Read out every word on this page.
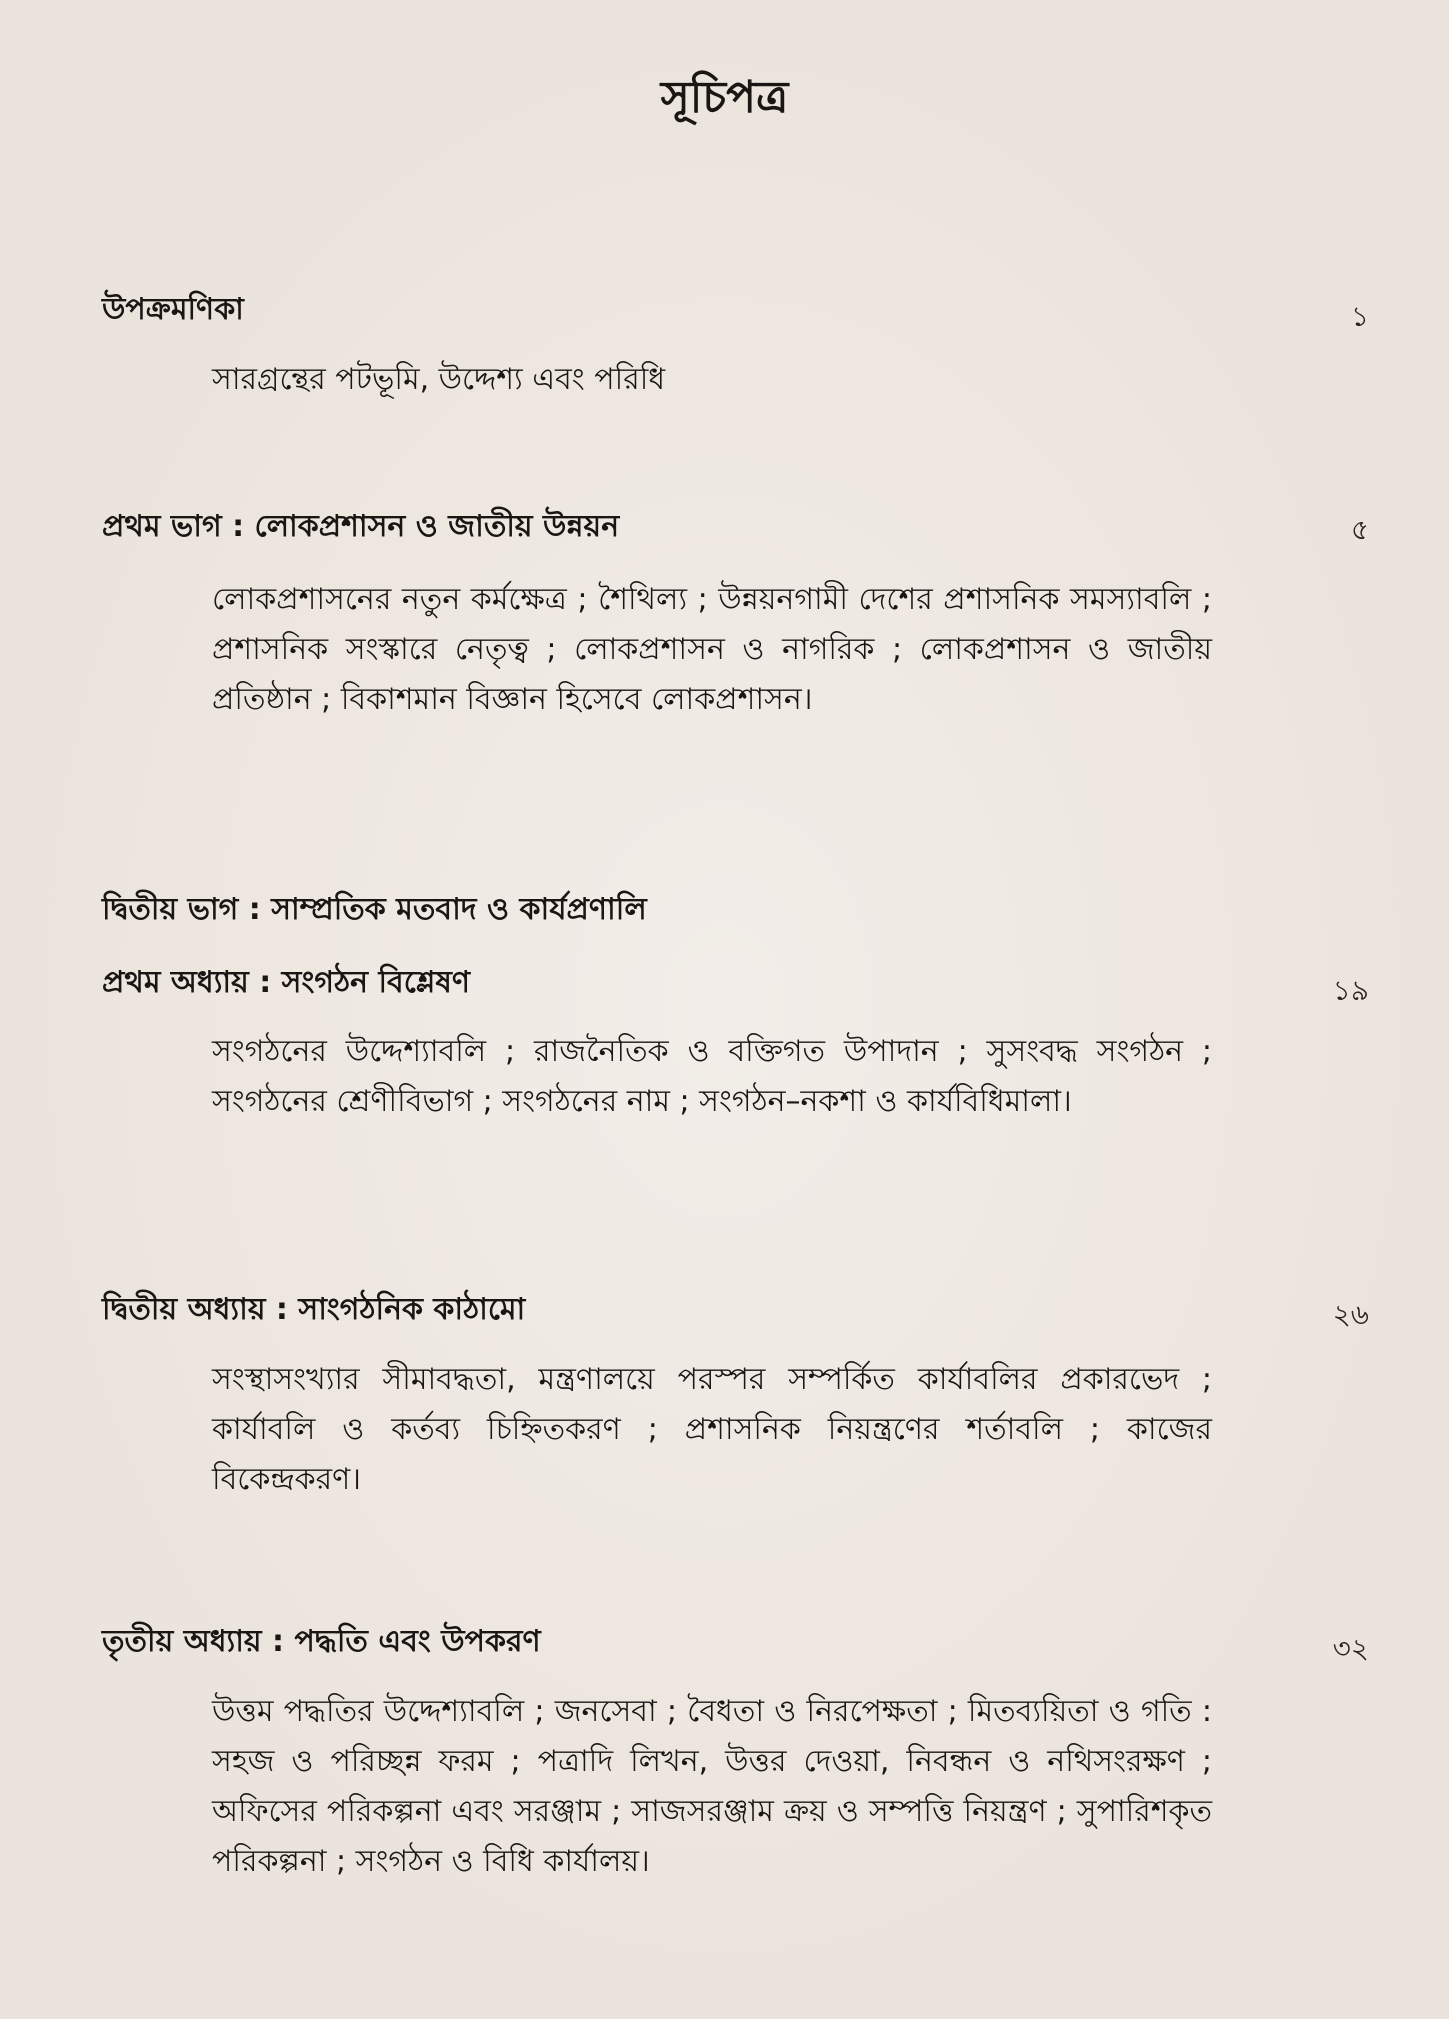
সূচিপত্র
উপক্রমণিকা	১

সারগ্রন্থের পটভূমি, উদ্দেশ্য এবং পরিধি

প্রথম ভাগ : লোকপ্রশাসন ও জাতীয় উন্নয়ন	৫

লোকপ্রশাসনের নতুন কর্মক্ষেত্র ; শৈথিল্য ; উন্নয়নগামী দেশের প্রশাসনিক সমস্যাবলি ; প্রশাসনিক সংস্কারে নেতৃত্ব ; লোকপ্রশাসন ও নাগরিক ; লোকপ্রশাসন ও জাতীয় প্রতিষ্ঠান ; বিকাশমান বিজ্ঞান হিসেবে লোকপ্রশাসন।

দ্বিতীয় ভাগ : সাম্প্রতিক মতবাদ ও কার্যপ্রণালি
প্রথম অধ্যায় : সংগঠন বিশ্লেষণ	১৯

সংগঠনের উদ্দেশ্যাবলি ; রাজনৈতিক ও বক্তিগত উপাদান ; সুসংবদ্ধ সংগঠন ; সংগঠনের শ্রেণীবিভাগ ; সংগঠনের নাম ; সংগঠন–নকশা ও কার্যবিধিমালা।

দ্বিতীয় অধ্যায় : সাংগঠনিক কাঠামো	২৬

সংস্থাসংখ্যার সীমাবদ্ধতা, মন্ত্রণালয়ে পরস্পর সম্পর্কিত কার্যাবলির প্রকারভেদ ; কার্যাবলি ও কর্তব্য চিহ্নিতকরণ ; প্রশাসনিক নিয়ন্ত্রণের শর্তাবলি ; কাজের বিকেন্দ্রকরণ।

তৃতীয় অধ্যায় : পদ্ধতি এবং উপকরণ	৩২

উত্তম পদ্ধতির উদ্দেশ্যাবলি ; জনসেবা ; বৈধতা ও নিরপেক্ষতা ; মিতব্যয়িতা ও গতি : সহজ ও পরিচ্ছন্ন ফরম ; পত্রাদি লিখন, উত্তর দেওয়া, নিবন্ধন ও নথিসংরক্ষণ ; অফিসের পরিকল্পনা এবং সরঞ্জাম ; সাজসরঞ্জাম ক্রয় ও সম্পত্তি নিয়ন্ত্রণ ; সুপারিশকৃত পরিকল্পনা ; সংগঠন ও বিধি কার্যালয়।
